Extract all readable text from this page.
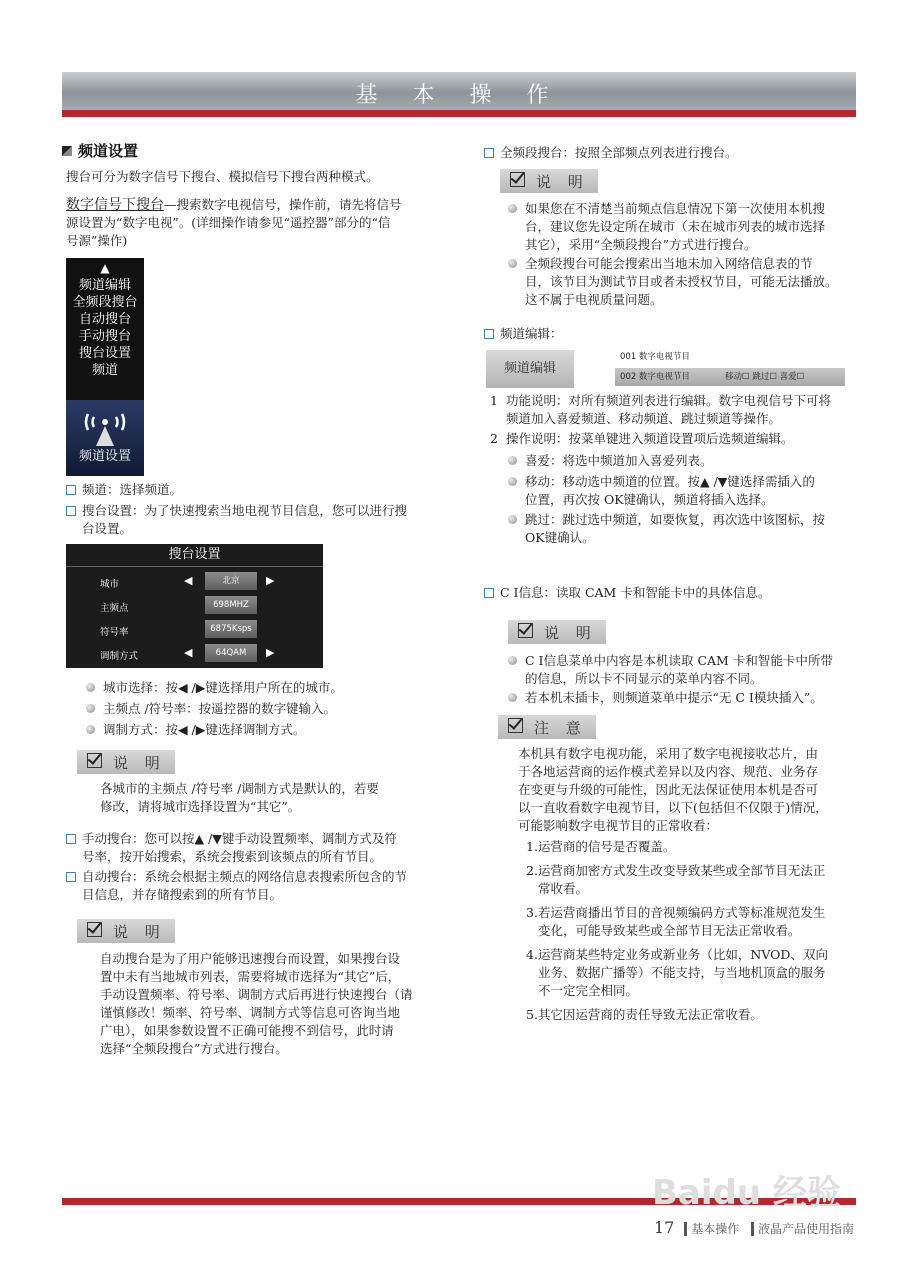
基 本 操 作
频道设置
搜台可分为数字信号下搜台、模拟信号下搜台两种模式。
数字信号下搜台—搜索数字电视信号，操作前，请先将信号
源设置为“数字电视”。(详细操作请参见“遥控器”部分的“信
号源”操作)
▲
频道编辑
全频段搜台
自动搜台
手动搜台
搜台设置
频道
频道设置
频道：选择频道。
搜台设置：为了快速搜索当地电视节目信息，您可以进行搜
台设置。
搜台设置
城市	◀	北京	▶
主频点	698MHZ
符号率	6875Ksps
调制方式	◀	64QAM	▶
城市选择：按◀ /▶键选择用户所在的城市。
主频点 /符号率：按遥控器的数字键输入。
调制方式：按◀ /▶键选择调制方式。
说 明
各城市的主频点 /符号率 /调制方式是默认的，若要
修改，请将城市选择设置为“其它”。
手动搜台：您可以按▲ /▼键手动设置频率、调制方式及符
号率，按开始搜索，系统会搜索到该频点的所有节目。
自动搜台：系统会根据主频点的网络信息表搜索所包含的节
目信息，并存储搜索到的所有节目。
说 明
自动搜台是为了用户能够迅速搜台而设置，如果搜台设
置中未有当地城市列表，需要将城市选择为“其它”后，
手动设置频率、符号率、调制方式后再进行快速搜台（请
谨慎修改！频率、符号率、调制方式等信息可咨询当地
广电），如果参数设置不正确可能搜不到信号，此时请
选择“全频段搜台”方式进行搜台。
全频段搜台：按照全部频点列表进行搜台。
说 明
如果您在不清楚当前频点信息情况下第一次使用本机搜
台，建议您先设定所在城市（未在城市列表的城市选择
其它），采用“全频段搜台”方式进行搜台。
全频段搜台可能会搜索出当地未加入网络信息表的节
目，该节目为测试节目或者未授权节目，可能无法播放。
这不属于电视质量问题。
频道编辑：
频道编辑
001 数字电视节目
002 数字电视节目	移动☐ 跳过☐ 喜爱☐
1 功能说明：对所有频道列表进行编辑。数字电视信号下可将
频道加入喜爱频道、移动频道、跳过频道等操作。
2 操作说明：按菜单键进入频道设置项后选频道编辑。
喜爱：将选中频道加入喜爱列表。
移动：移动选中频道的位置。按▲ /▼键选择需插入的
位置，再次按 OK键确认，频道将插入选择。
跳过：跳过选中频道，如要恢复，再次选中该图标，按
OK键确认。
C I信息：读取 CAM 卡和智能卡中的具体信息。
说 明
C I信息菜单中内容是本机读取 CAM 卡和智能卡中所带
的信息，所以卡不同显示的菜单内容不同。
若本机未插卡，则频道菜单中提示“无 C I模块插入”。
注 意
本机具有数字电视功能，采用了数字电视接收芯片，由
于各地运营商的运作模式差异以及内容、规范、业务存
在变更与升级的可能性，因此无法保证使用本机是否可
以一直收看数字电视节目，以下(包括但不仅限于)情况，
可能影响数字电视节目的正常收看：
1.运营商的信号是否覆盖。
2.运营商加密方式发生改变导致某些或全部节目无法正
常收看。
3.若运营商播出节目的音视频编码方式等标准规范发生
变化，可能导致某些或全部节目无法正常收看。
4.运营商某些特定业务或新业务（比如，NVOD、双向
业务、数据广播等）不能支持，与当地机顶盒的服务
不一定完全相同。
5.其它因运营商的责任导致无法正常收看。
Baidu 经验
17 基本操作 液晶产品使用指南
